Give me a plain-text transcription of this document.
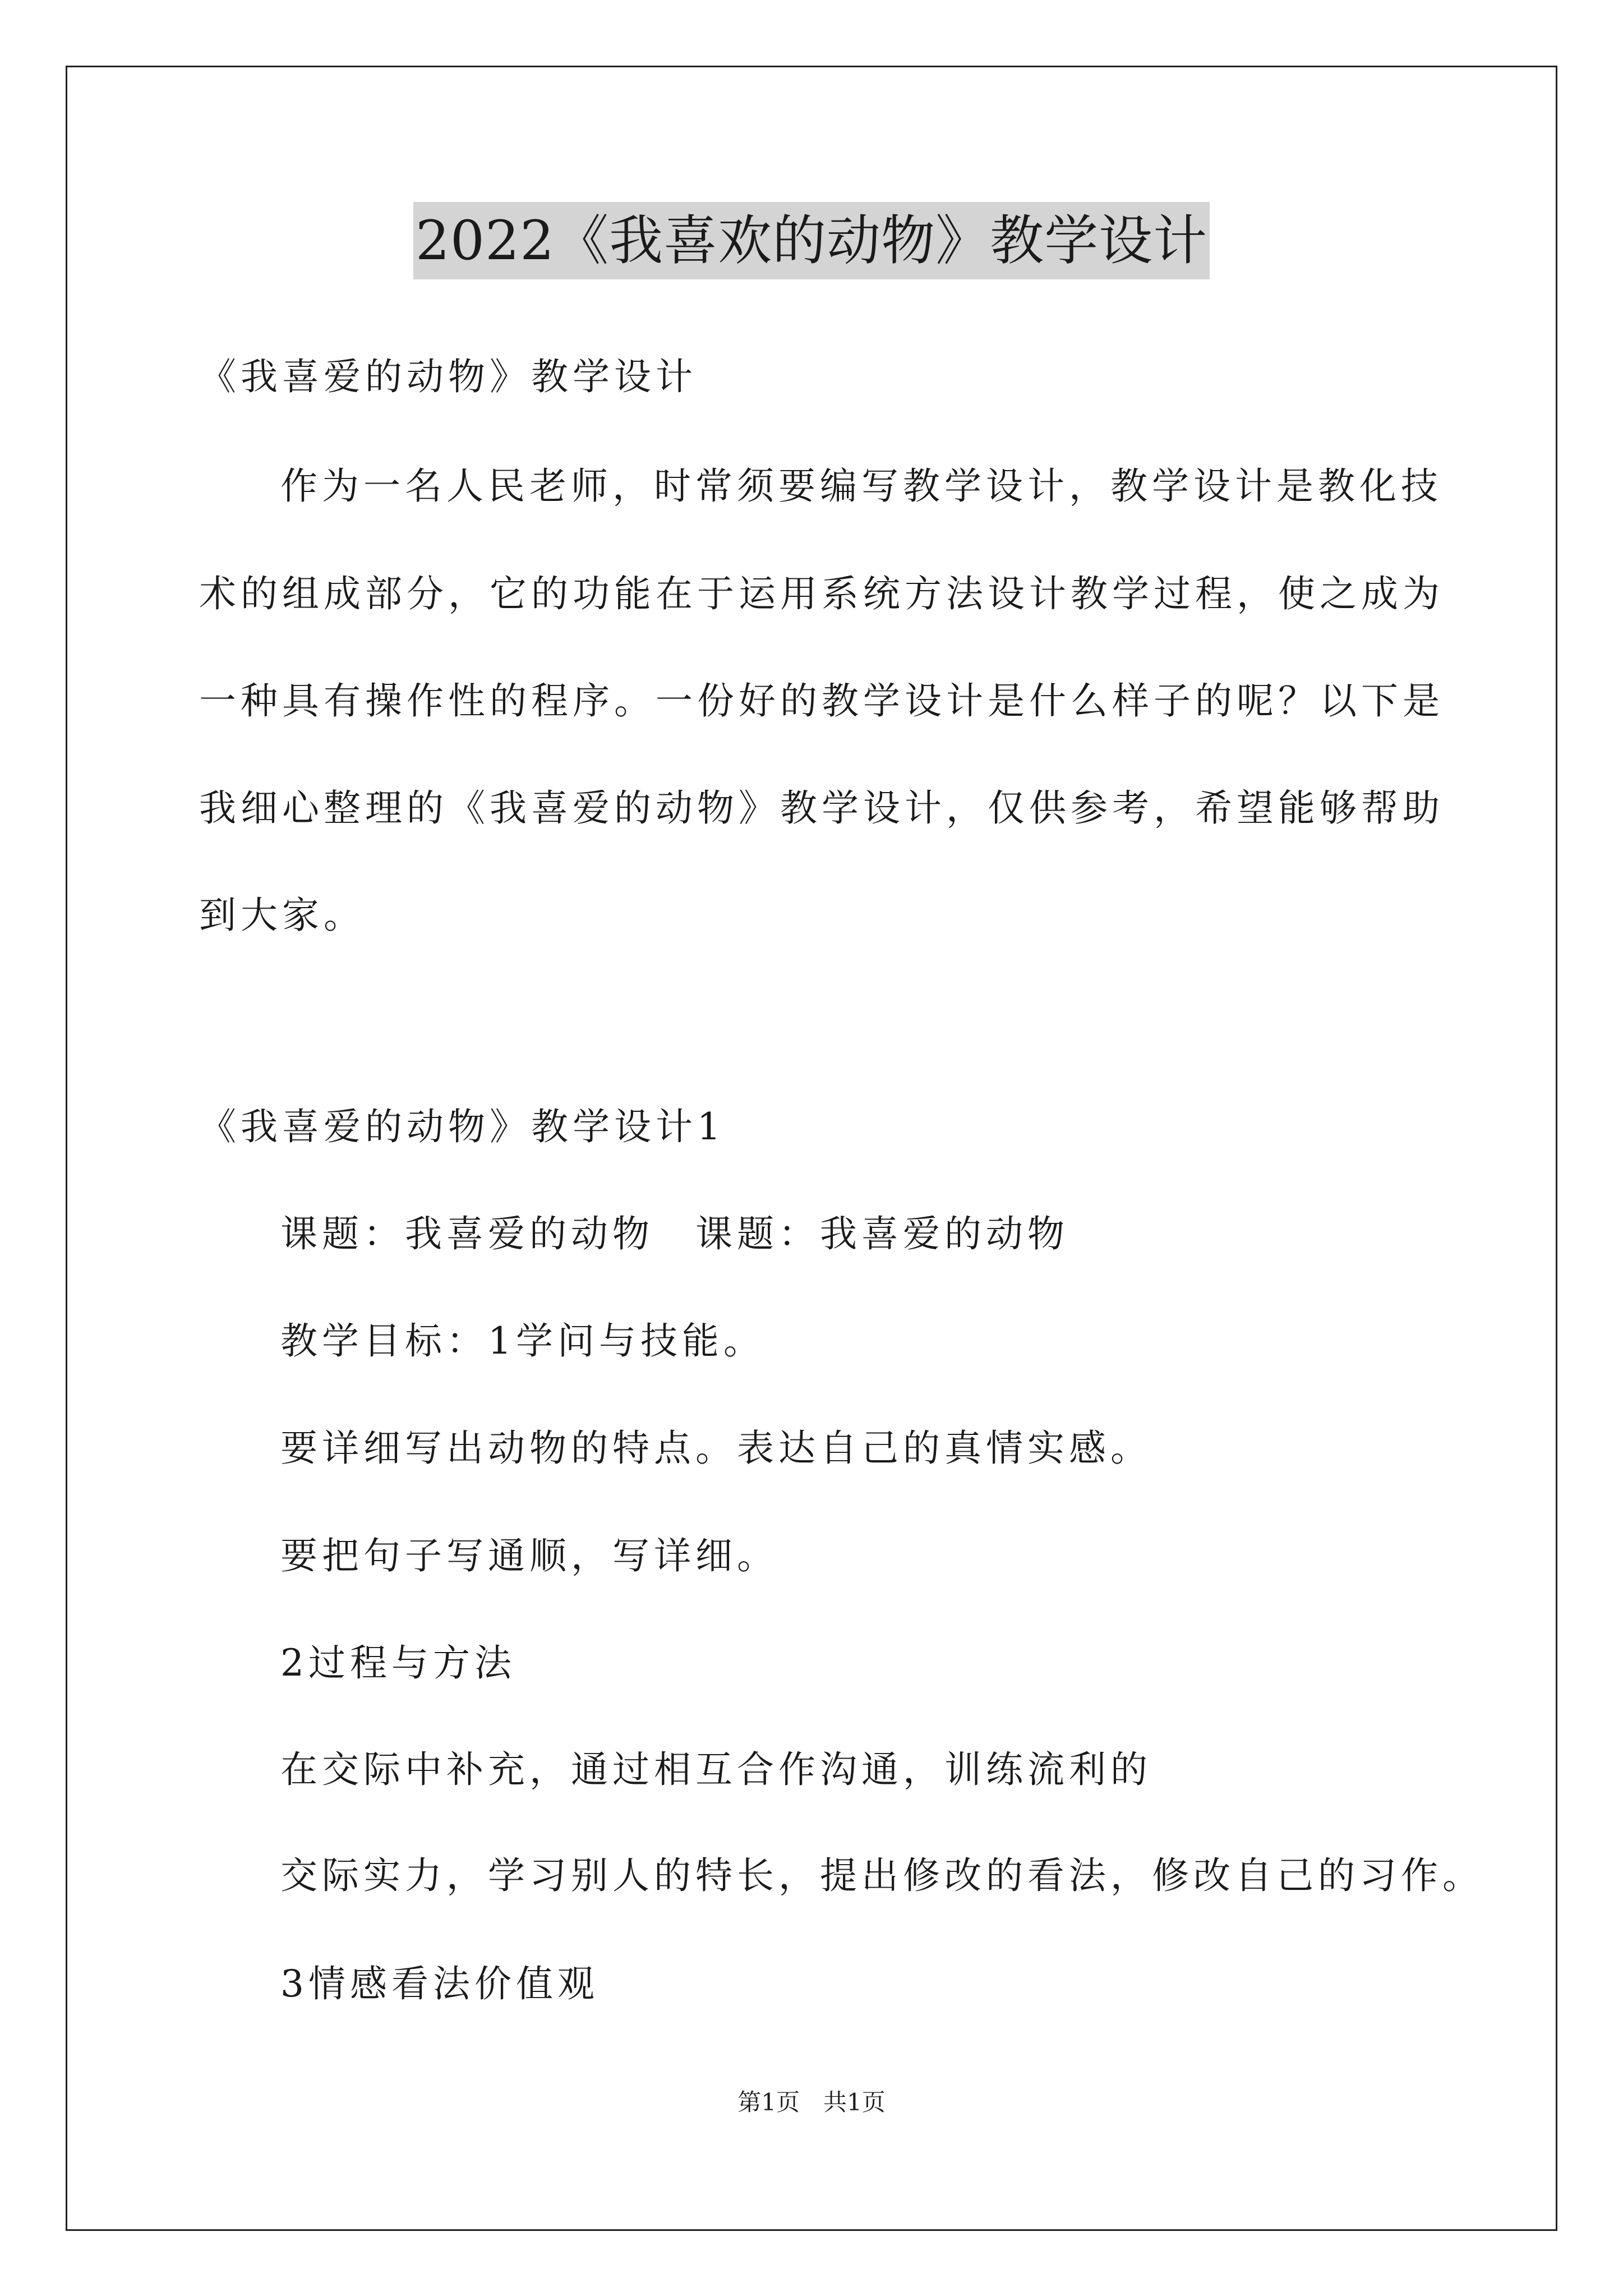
2022《我喜欢的动物》教学设计
《我喜爱的动物》教学设计
作为一名人民老师，时常须要编写教学设计，教学设计是教化技
术的组成部分，它的功能在于运用系统方法设计教学过程，使之成为
一种具有操作性的程序。一份好的教学设计是什么样子的呢？以下是
我细心整理的《我喜爱的动物》教学设计，仅供参考，希望能够帮助
到大家。
《我喜爱的动物》教学设计1
课题：我喜爱的动物　课题：我喜爱的动物
教学目标：1学问与技能。
要详细写出动物的特点。表达自己的真情实感。
要把句子写通顺，写详细。
2过程与方法
在交际中补充，通过相互合作沟通，训练流利的
交际实力，学习别人的特长，提出修改的看法，修改自己的习作。
3情感看法价值观
第1页　共1页
